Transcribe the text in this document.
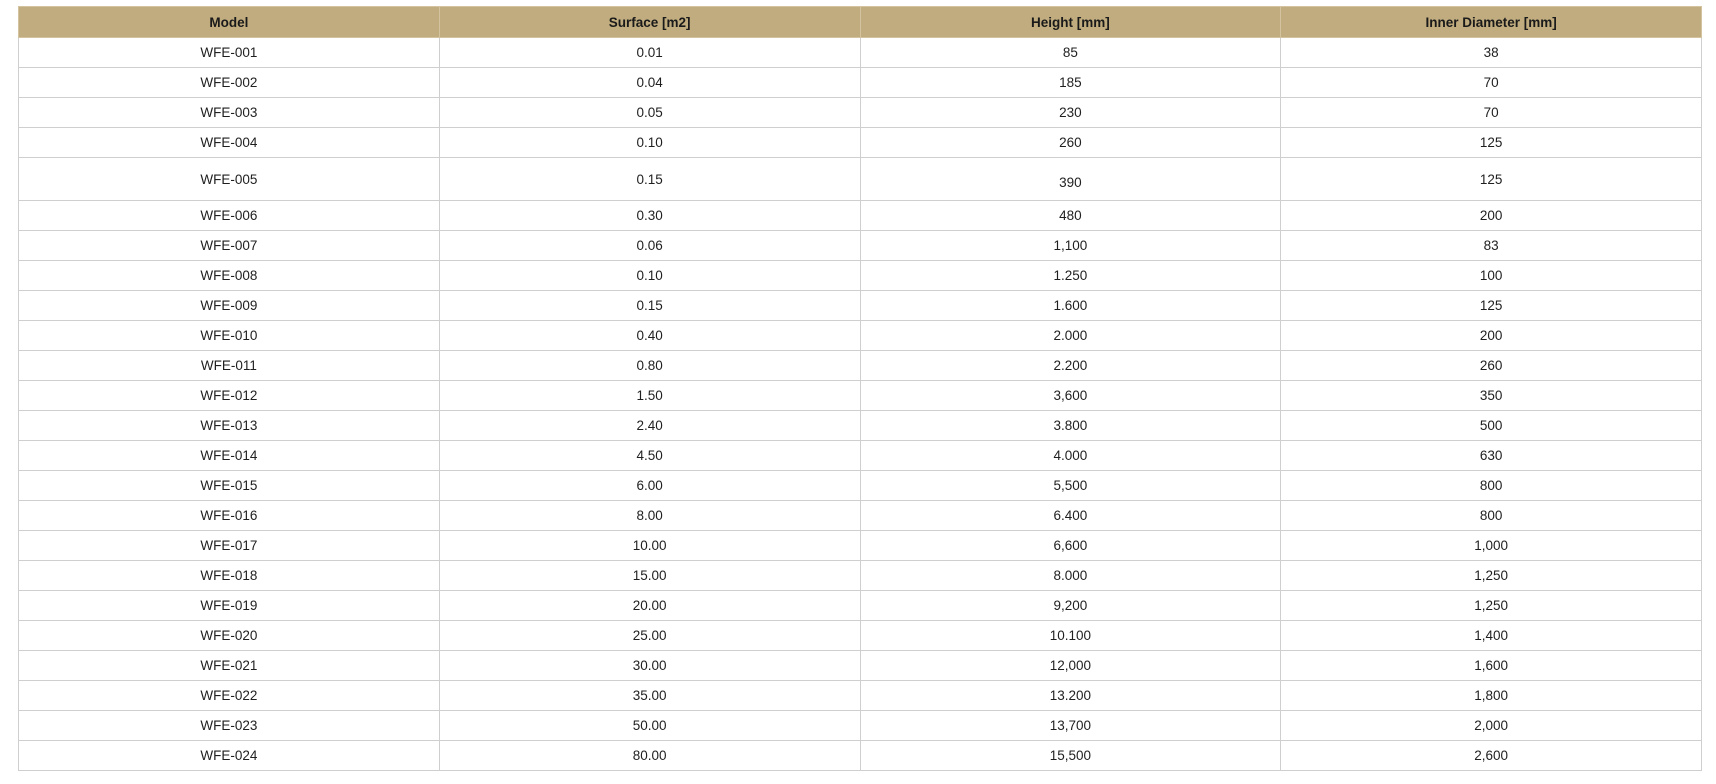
Model	Surface [m2]	Height [mm]	Inner Diameter [mm]
WFE-001	0.01	85	38
WFE-002	0.04	185	70
WFE-003	0.05	230	70
WFE-004	0.10	260	125
WFE-005	0.15	390	125
WFE-006	0.30	480	200
WFE-007	0.06	1,100	83
WFE-008	0.10	1.250	100
WFE-009	0.15	1.600	125
WFE-010	0.40	2.000	200
WFE-011	0.80	2.200	260
WFE-012	1.50	3,600	350
WFE-013	2.40	3.800	500
WFE-014	4.50	4.000	630
WFE-015	6.00	5,500	800
WFE-016	8.00	6.400	800
WFE-017	10.00	6,600	1,000
WFE-018	15.00	8.000	1,250
WFE-019	20.00	9,200	1,250
WFE-020	25.00	10.100	1,400
WFE-021	30.00	12,000	1,600
WFE-022	35.00	13.200	1,800
WFE-023	50.00	13,700	2,000
WFE-024	80.00	15,500	2,600
